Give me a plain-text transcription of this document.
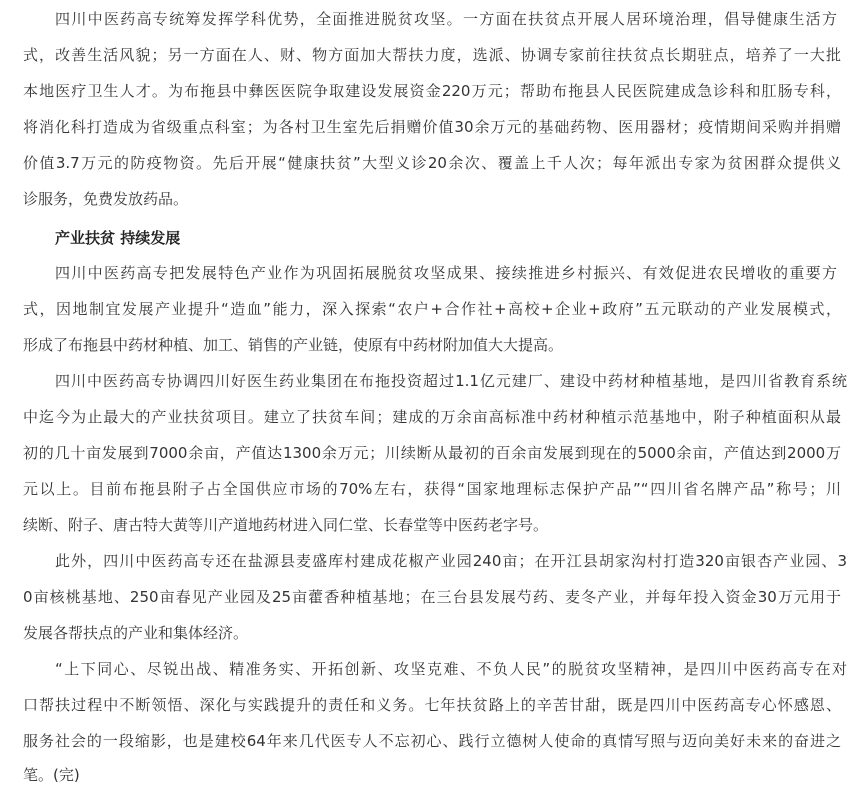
四川中医药高专统筹发挥学科优势，全面推进脱贫攻坚。一方面在扶贫点开展人居环境治理，倡导健康生活方
式，改善生活风貌；另一方面在人、财、物方面加大帮扶力度，选派、协调专家前往扶贫点长期驻点，培养了一大批
本地医疗卫生人才。为布拖县中彝医医院争取建设发展资金220万元；帮助布拖县人民医院建成急诊科和肛肠专科，
将消化科打造成为省级重点科室；为各村卫生室先后捐赠价值30余万元的基础药物、医用器材；疫情期间采购并捐赠
价值3.7万元的防疫物资。先后开展“健康扶贫”大型义诊20余次、覆盖上千人次；每年派出专家为贫困群众提供义
诊服务，免费发放药品。
产业扶贫 持续发展
四川中医药高专把发展特色产业作为巩固拓展脱贫攻坚成果、接续推进乡村振兴、有效促进农民增收的重要方
式，因地制宜发展产业提升“造血”能力，深入探索“农户+合作社+高校+企业+政府”五元联动的产业发展模式，
形成了布拖县中药材种植、加工、销售的产业链，使原有中药材附加值大大提高。
四川中医药高专协调四川好医生药业集团在布拖投资超过1.1亿元建厂、建设中药材种植基地，是四川省教育系统
中迄今为止最大的产业扶贫项目。建立了扶贫车间；建成的万余亩高标准中药材种植示范基地中，附子种植面积从最
初的几十亩发展到7000余亩，产值达1300余万元；川续断从最初的百余亩发展到现在的5000余亩，产值达到2000万
元以上。目前布拖县附子占全国供应市场的70%左右，获得“国家地理标志保护产品”“四川省名牌产品”称号；川
续断、附子、唐古特大黄等川产道地药材进入同仁堂、长春堂等中医药老字号。
此外，四川中医药高专还在盐源县麦盛库村建成花椒产业园240亩；在开江县胡家沟村打造320亩银杏产业园、3
0亩核桃基地、250亩春见产业园及25亩藿香种植基地；在三台县发展芍药、麦冬产业，并每年投入资金30万元用于
发展各帮扶点的产业和集体经济。
“上下同心、尽锐出战、精准务实、开拓创新、攻坚克难、不负人民”的脱贫攻坚精神，是四川中医药高专在对
口帮扶过程中不断领悟、深化与实践提升的责任和义务。七年扶贫路上的辛苦甘甜，既是四川中医药高专心怀感恩、
服务社会的一段缩影，也是建校64年来几代医专人不忘初心、践行立德树人使命的真情写照与迈向美好未来的奋进之
笔。(完)
